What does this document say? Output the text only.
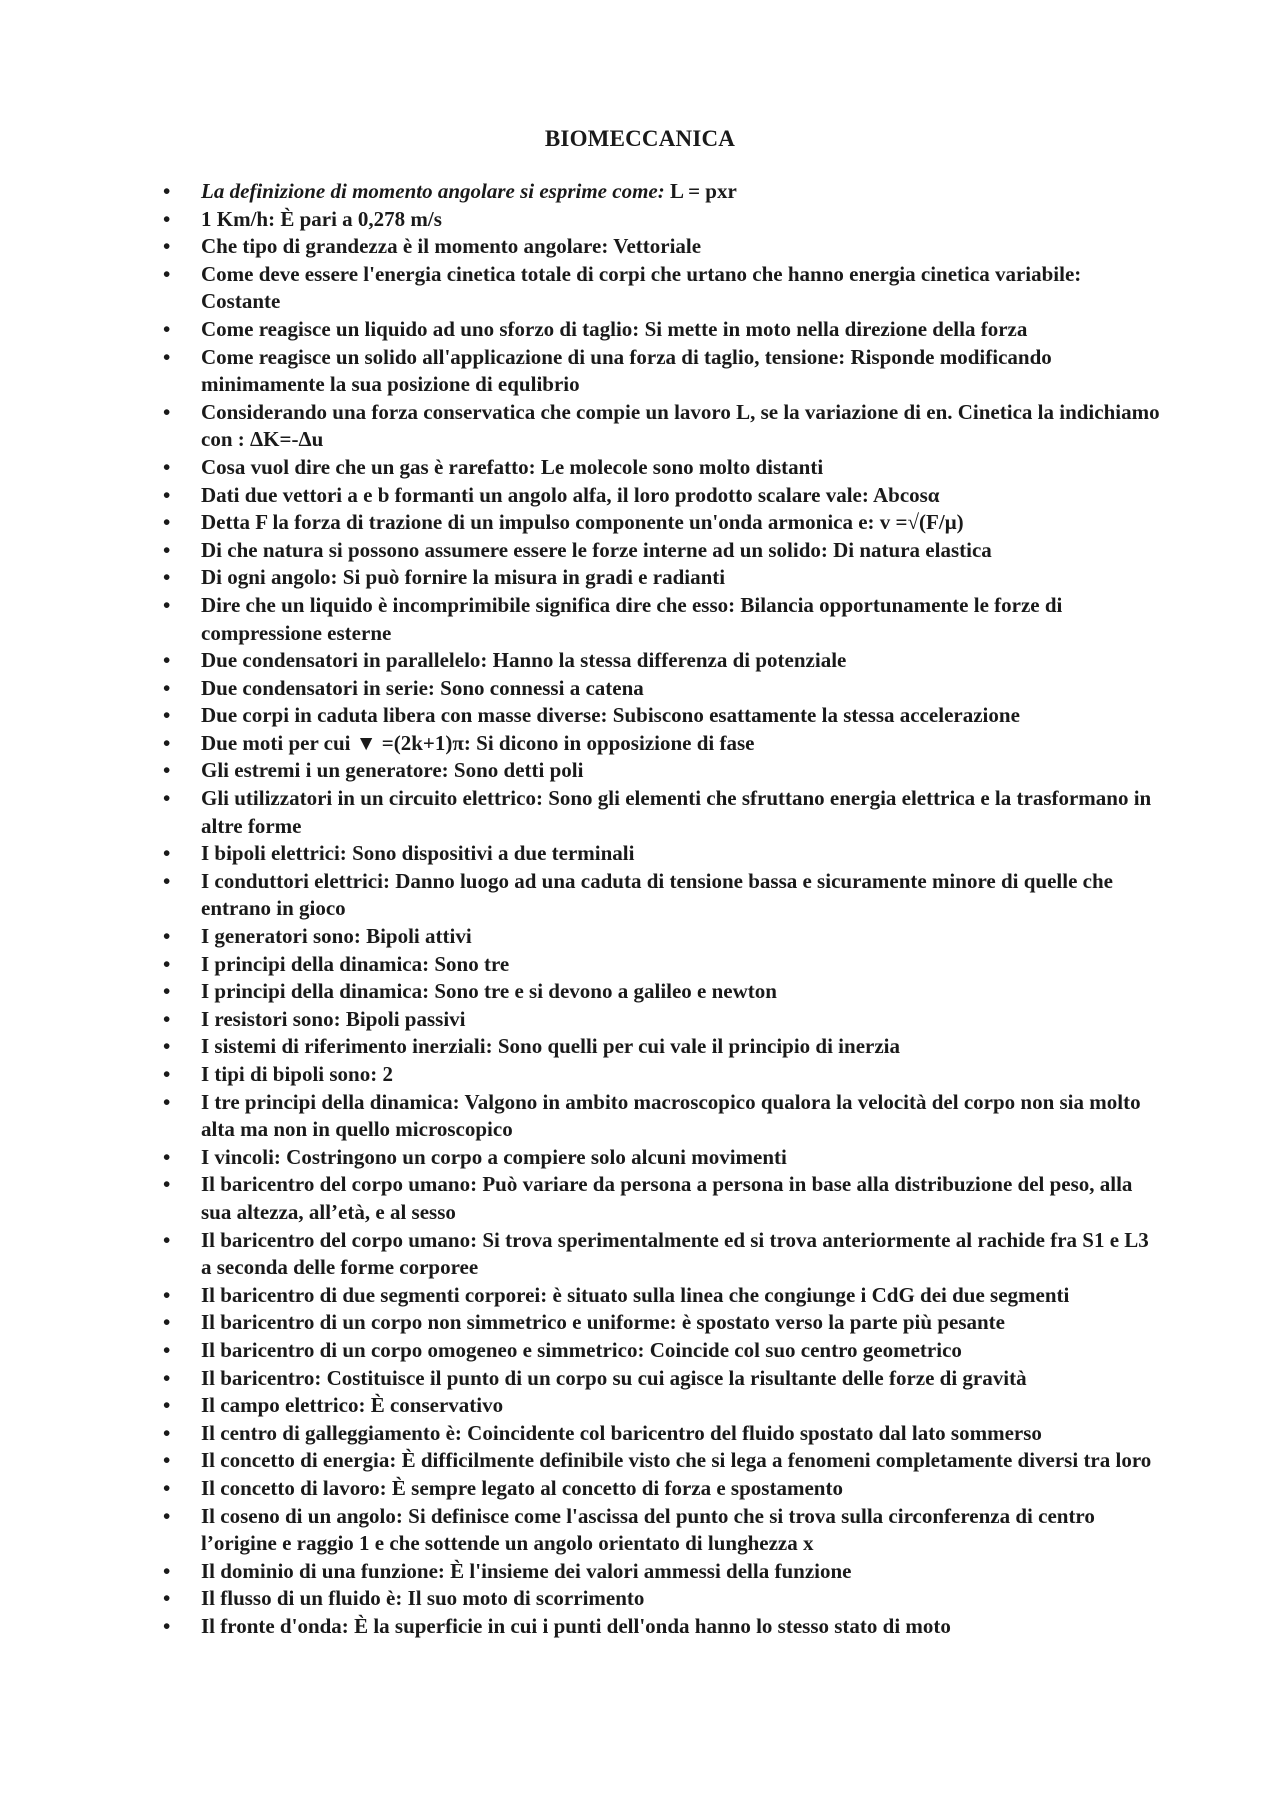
BIOMECCANICA
• La definizione di momento angolare si esprime come: L = pxr
• 1 Km/h: È pari a 0,278 m/s
• Che tipo di grandezza è il momento angolare: Vettoriale
• Come deve essere l'energia cinetica totale di corpi che urtano che hanno energia cinetica variabile: Costante
• Come reagisce un liquido ad uno sforzo di taglio: Si mette in moto nella direzione della forza
• Come reagisce un solido all'applicazione di una forza di taglio, tensione: Risponde modificando minimamente la sua posizione di equlibrio
• Considerando una forza conservatica che compie un lavoro L, se la variazione di en. Cinetica la indichiamo con : ΔK=-Δu
• Cosa vuol dire che un gas è rarefatto: Le molecole sono molto distanti
• Dati due vettori a e b formanti un angolo alfa, il loro prodotto scalare vale: Abcosα
• Detta F la forza di trazione di un impulso componente un'onda armonica e: v =√(F/μ)
• Di che natura si possono assumere essere le forze interne ad un solido: Di natura elastica
• Di ogni angolo: Si può fornire la misura in gradi e radianti
• Dire che un liquido è incomprimibile significa dire che esso: Bilancia opportunamente le forze di compressione esterne
• Due condensatori in parallelelo: Hanno la stessa differenza di potenziale
• Due condensatori in serie: Sono connessi a catena
• Due corpi in caduta libera con masse diverse: Subiscono esattamente la stessa accelerazione
• Due moti per cui ▼ =(2k+1)π: Si dicono in opposizione di fase
• Gli estremi i un generatore: Sono detti poli
• Gli utilizzatori in un circuito elettrico: Sono gli elementi che sfruttano energia elettrica e la trasformano in altre forme
• I bipoli elettrici: Sono dispositivi a due terminali
• I conduttori elettrici: Danno luogo ad una caduta di tensione bassa e sicuramente minore di quelle che entrano in gioco
• I generatori sono: Bipoli attivi
• I principi della dinamica: Sono tre
• I principi della dinamica: Sono tre e si devono a galileo e newton
• I resistori sono: Bipoli passivi
• I sistemi di riferimento inerziali: Sono quelli per cui vale il principio di inerzia
• I tipi di bipoli sono: 2
• I tre principi della dinamica: Valgono in ambito macroscopico qualora la velocità del corpo non sia molto alta ma non in quello microscopico
• I vincoli: Costringono un corpo a compiere solo alcuni movimenti
• Il baricentro del corpo umano: Può variare da persona a persona in base alla distribuzione del peso, alla sua altezza, all’età, e al sesso
• Il baricentro del corpo umano: Si trova sperimentalmente ed si trova anteriormente al rachide fra S1 e L3 a seconda delle forme corporee
• Il baricentro di due segmenti corporei: è situato sulla linea che congiunge i CdG dei due segmenti
• Il baricentro di un corpo non simmetrico e uniforme: è spostato verso la parte più pesante
• Il baricentro di un corpo omogeneo e simmetrico: Coincide col suo centro geometrico
• Il baricentro: Costituisce il punto di un corpo su cui agisce la risultante delle forze di gravità
• Il campo elettrico: È conservativo
• Il centro di galleggiamento è: Coincidente col baricentro del fluido spostato dal lato sommerso
• Il concetto di energia: È difficilmente definibile visto che si lega a fenomeni completamente diversi tra loro
• Il concetto di lavoro: È sempre legato al concetto di forza e spostamento
• Il coseno di un angolo: Si definisce come l'ascissa del punto che si trova sulla circonferenza di centro l’origine e raggio 1 e che sottende un angolo orientato di lunghezza x
• Il dominio di una funzione: È l'insieme dei valori ammessi della funzione
• Il flusso di un fluido è: Il suo moto di scorrimento
• Il fronte d'onda: È la superficie in cui i punti dell'onda hanno lo stesso stato di moto
